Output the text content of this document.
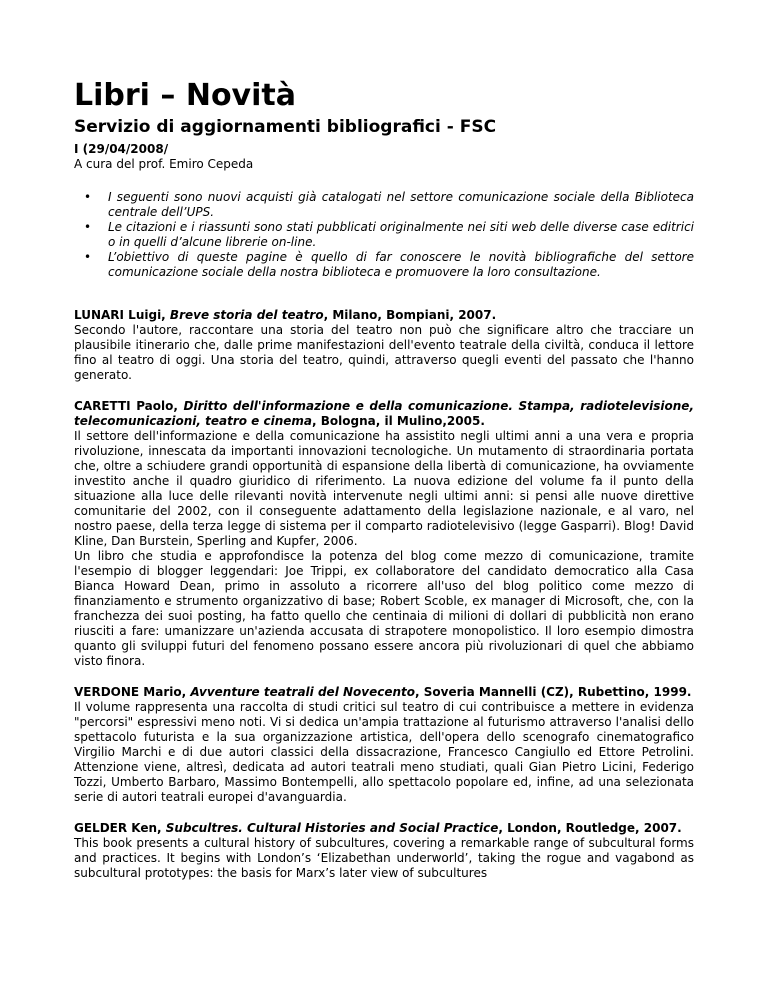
Libri – Novità
Servizio di aggiornamenti bibliografici - FSC
I (29/04/2008/
A cura del prof. Emiro Cepeda
• I seguenti sono nuovi acquisti già catalogati nel settore comunicazione sociale della Biblioteca centrale dell’UPS.
• Le citazioni e i riassunti sono stati pubblicati originalmente nei siti web delle diverse case editrici o in quelli d’alcune librerie on-line.
• L’obiettivo di queste pagine è quello di far conoscere le novità bibliografiche del settore comunicazione sociale della nostra biblioteca e promuovere la loro consultazione.
LUNARI Luigi, Breve storia del teatro, Milano, Bompiani, 2007.

Secondo l'autore, raccontare una storia del teatro non può che significare altro che tracciare un plausibile itinerario che, dalle prime manifestazioni dell'evento teatrale della civiltà, conduca il lettore fino al teatro di oggi. Una storia del teatro, quindi, attraverso quegli eventi del passato che l'hanno generato.

CARETTI Paolo, Diritto dell'informazione e della comunicazione. Stampa, radiotelevisione, telecomunicazioni, teatro e cinema, Bologna, il Mulino,2005.

Il settore dell'informazione e della comunicazione ha assistito negli ultimi anni a una vera e propria rivoluzione, innescata da importanti innovazioni tecnologiche. Un mutamento di straordinaria portata che, oltre a schiudere grandi opportunità di espansione della libertà di comunicazione, ha ovviamente investito anche il quadro giuridico di riferimento. La nuova edizione del volume fa il punto della situazione alla luce delle rilevanti novità intervenute negli ultimi anni: si pensi alle nuove direttive comunitarie del 2002, con il conseguente adattamento della legislazione nazionale, e al varo, nel nostro paese, della terza legge di sistema per il comparto radiotelevisivo (legge Gasparri). Blog! David Kline, Dan Burstein, Sperling and Kupfer, 2006.

Un libro che studia e approfondisce la potenza del blog come mezzo di comunicazione, tramite l'esempio di blogger leggendari: Joe Trippi, ex collaboratore del candidato democratico alla Casa Bianca Howard Dean, primo in assoluto a ricorrere all'uso del blog politico come mezzo di finanziamento e strumento organizzativo di base; Robert Scoble, ex manager di Microsoft, che, con la franchezza dei suoi posting, ha fatto quello che centinaia di milioni di dollari di pubblicità non erano riusciti a fare: umanizzare un'azienda accusata di strapotere monopolistico. Il loro esempio dimostra quanto gli sviluppi futuri del fenomeno possano essere ancora più rivoluzionari di quel che abbiamo visto finora.

VERDONE Mario, Avventure teatrali del Novecento, Soveria Mannelli (CZ), Rubettino, 1999.

Il volume rappresenta una raccolta di studi critici sul teatro di cui contribuisce a mettere in evidenza "percorsi" espressivi meno noti. Vi si dedica un'ampia trattazione al futurismo attraverso l'analisi dello spettacolo futurista e la sua organizzazione artistica, dell'opera dello scenografo cinematografico Virgilio Marchi e di due autori classici della dissacrazione, Francesco Cangiullo ed Ettore Petrolini. Attenzione viene, altresì, dedicata ad autori teatrali meno studiati, quali Gian Pietro Licini, Federigo Tozzi, Umberto Barbaro, Massimo Bontempelli, allo spettacolo popolare ed, infine, ad una selezionata serie di autori teatrali europei d'avanguardia.

GELDER Ken, Subcultres. Cultural Histories and Social Practice, London, Routledge, 2007.

This book presents a cultural history of subcultures, covering a remarkable range of subcultural forms and practices. It begins with London’s ‘Elizabethan underworld’, taking the rogue and vagabond as subcultural prototypes: the basis for Marx’s later view of subcultures
